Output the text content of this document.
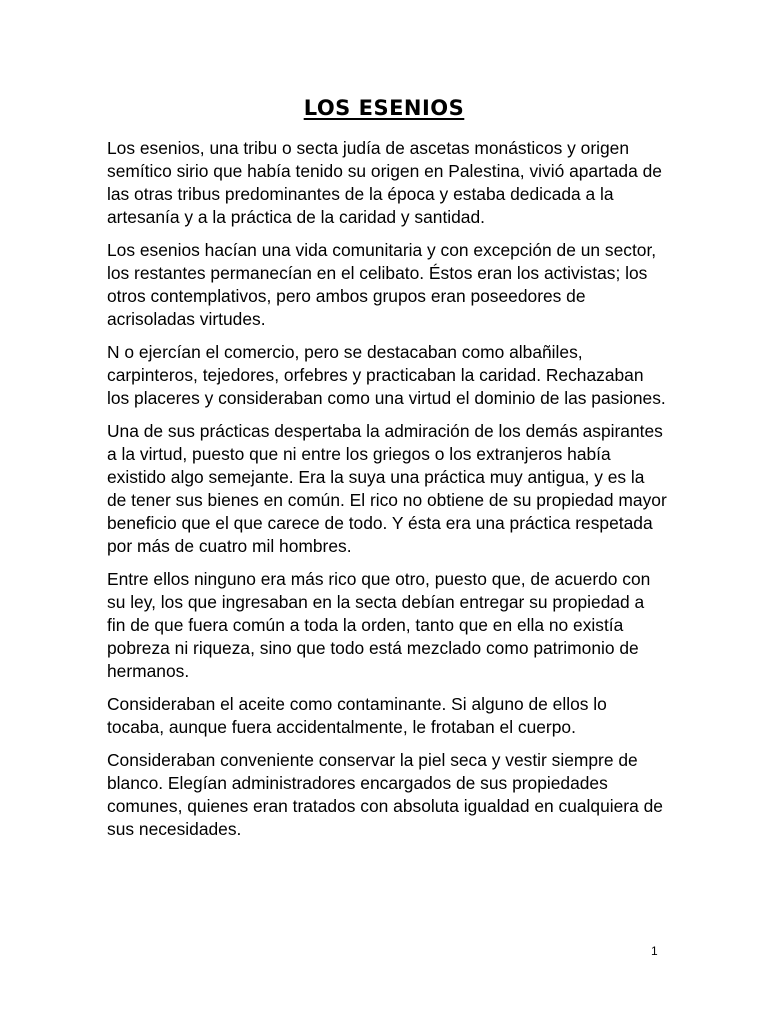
LOS ESENIOS

Los esenios, una tribu o secta judía de ascetas monásticos y origen semítico sirio que había tenido su origen en Palestina, vivió apartada de las otras tribus predominantes de la época y estaba dedicada a la artesanía y a la práctica de la caridad y santidad.

Los esenios hacían una vida comunitaria y con excepción de un sector, los restantes permanecían en el celibato. Éstos eran los activistas; los otros contemplativos, pero ambos grupos eran poseedores de acrisoladas virtudes.

N o ejercían el comercio, pero se destacaban como albañiles, carpinteros, tejedores, orfebres y practicaban la caridad. Rechazaban los placeres y consideraban como una virtud el dominio de las pasiones.

Una de sus prácticas despertaba la admiración de los demás aspirantes a la virtud, puesto que ni entre los griegos o los extranjeros había existido algo semejante. Era la suya una práctica muy antigua, y es la de tener sus bienes en común. El rico no obtiene de su propiedad mayor beneficio que el que carece de todo. Y ésta era una práctica respetada por más de cuatro mil hombres.

Entre ellos ninguno era más rico que otro, puesto que, de acuerdo con su ley, los que ingresaban en la secta debían entregar su propiedad a fin de que fuera común a toda la orden, tanto que en ella no existía pobreza ni riqueza, sino que todo está mezclado como patrimonio de hermanos.

Consideraban el aceite como contaminante. Si alguno de ellos lo tocaba, aunque fuera accidentalmente, le frotaban el cuerpo.

Consideraban conveniente conservar la piel seca y vestir siempre de blanco. Elegían administradores encargados de sus propiedades comunes, quienes eran tratados con absoluta igualdad en cualquiera de sus necesidades.

1
